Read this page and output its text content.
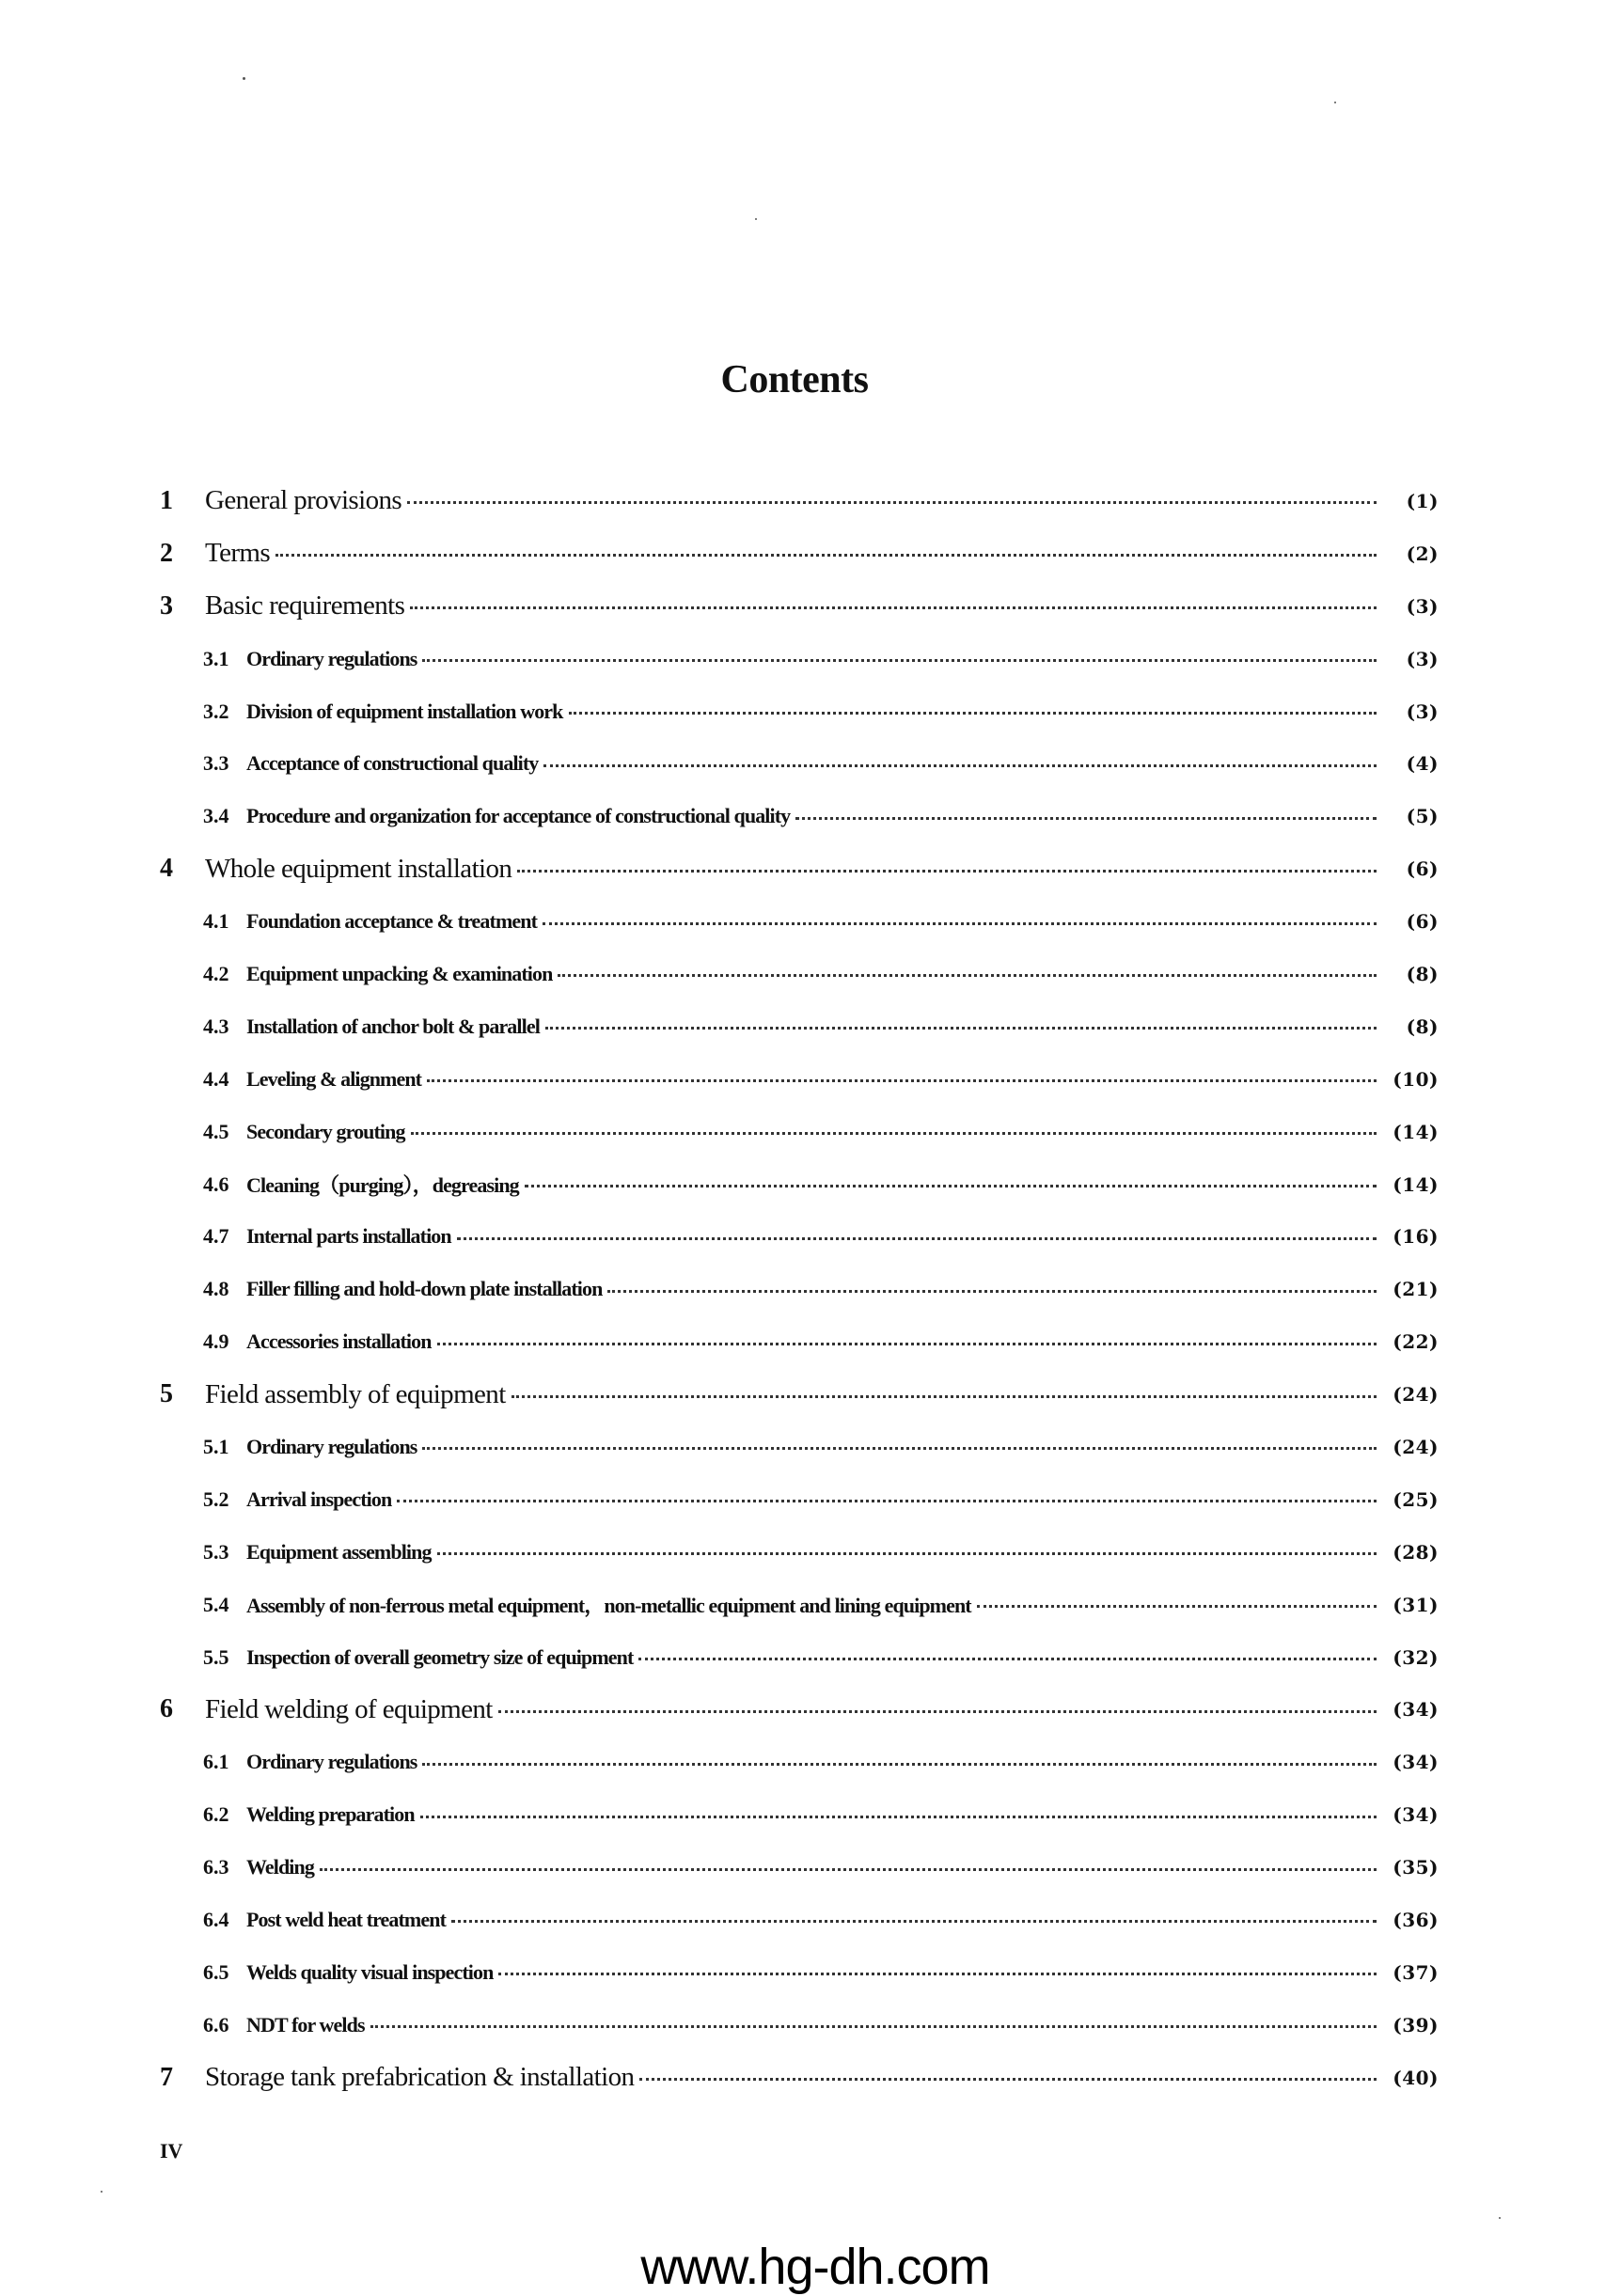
Contents
1	General provisions	(1)
2	Terms	(2)
3	Basic requirements	(3)
3.1 Ordinary regulations	(3)
3.2 Division of equipment installation work	(3)
3.3 Acceptance of constructional quality	(4)
3.4 Procedure and organization for acceptance of constructional quality	(5)
4	Whole equipment installation	(6)
4.1 Foundation acceptance & treatment	(6)
4.2 Equipment unpacking & examination	(8)
4.3 Installation of anchor bolt & parallel	(8)
4.4 Leveling & alignment	(10)
4.5 Secondary grouting	(14)
4.6 Cleaning（purging），degreasing	(14)
4.7 Internal parts installation	(16)
4.8 Filler filling and hold-down plate installation	(21)
4.9 Accessories installation	(22)
5	Field assembly of equipment	(24)
5.1 Ordinary regulations	(24)
5.2 Arrival inspection	(25)
5.3 Equipment assembling	(28)
5.4 Assembly of non-ferrous metal equipment，non-metallic equipment and lining equipment	(31)
5.5 Inspection of overall geometry size of equipment	(32)
6	Field welding of equipment	(34)
6.1 Ordinary regulations	(34)
6.2 Welding preparation	(34)
6.3 Welding	(35)
6.4 Post weld heat treatment	(36)
6.5 Welds quality visual inspection	(37)
6.6 NDT for welds	(39)
7	Storage tank prefabrication & installation	(40)
IV
www.hg-dh.com
